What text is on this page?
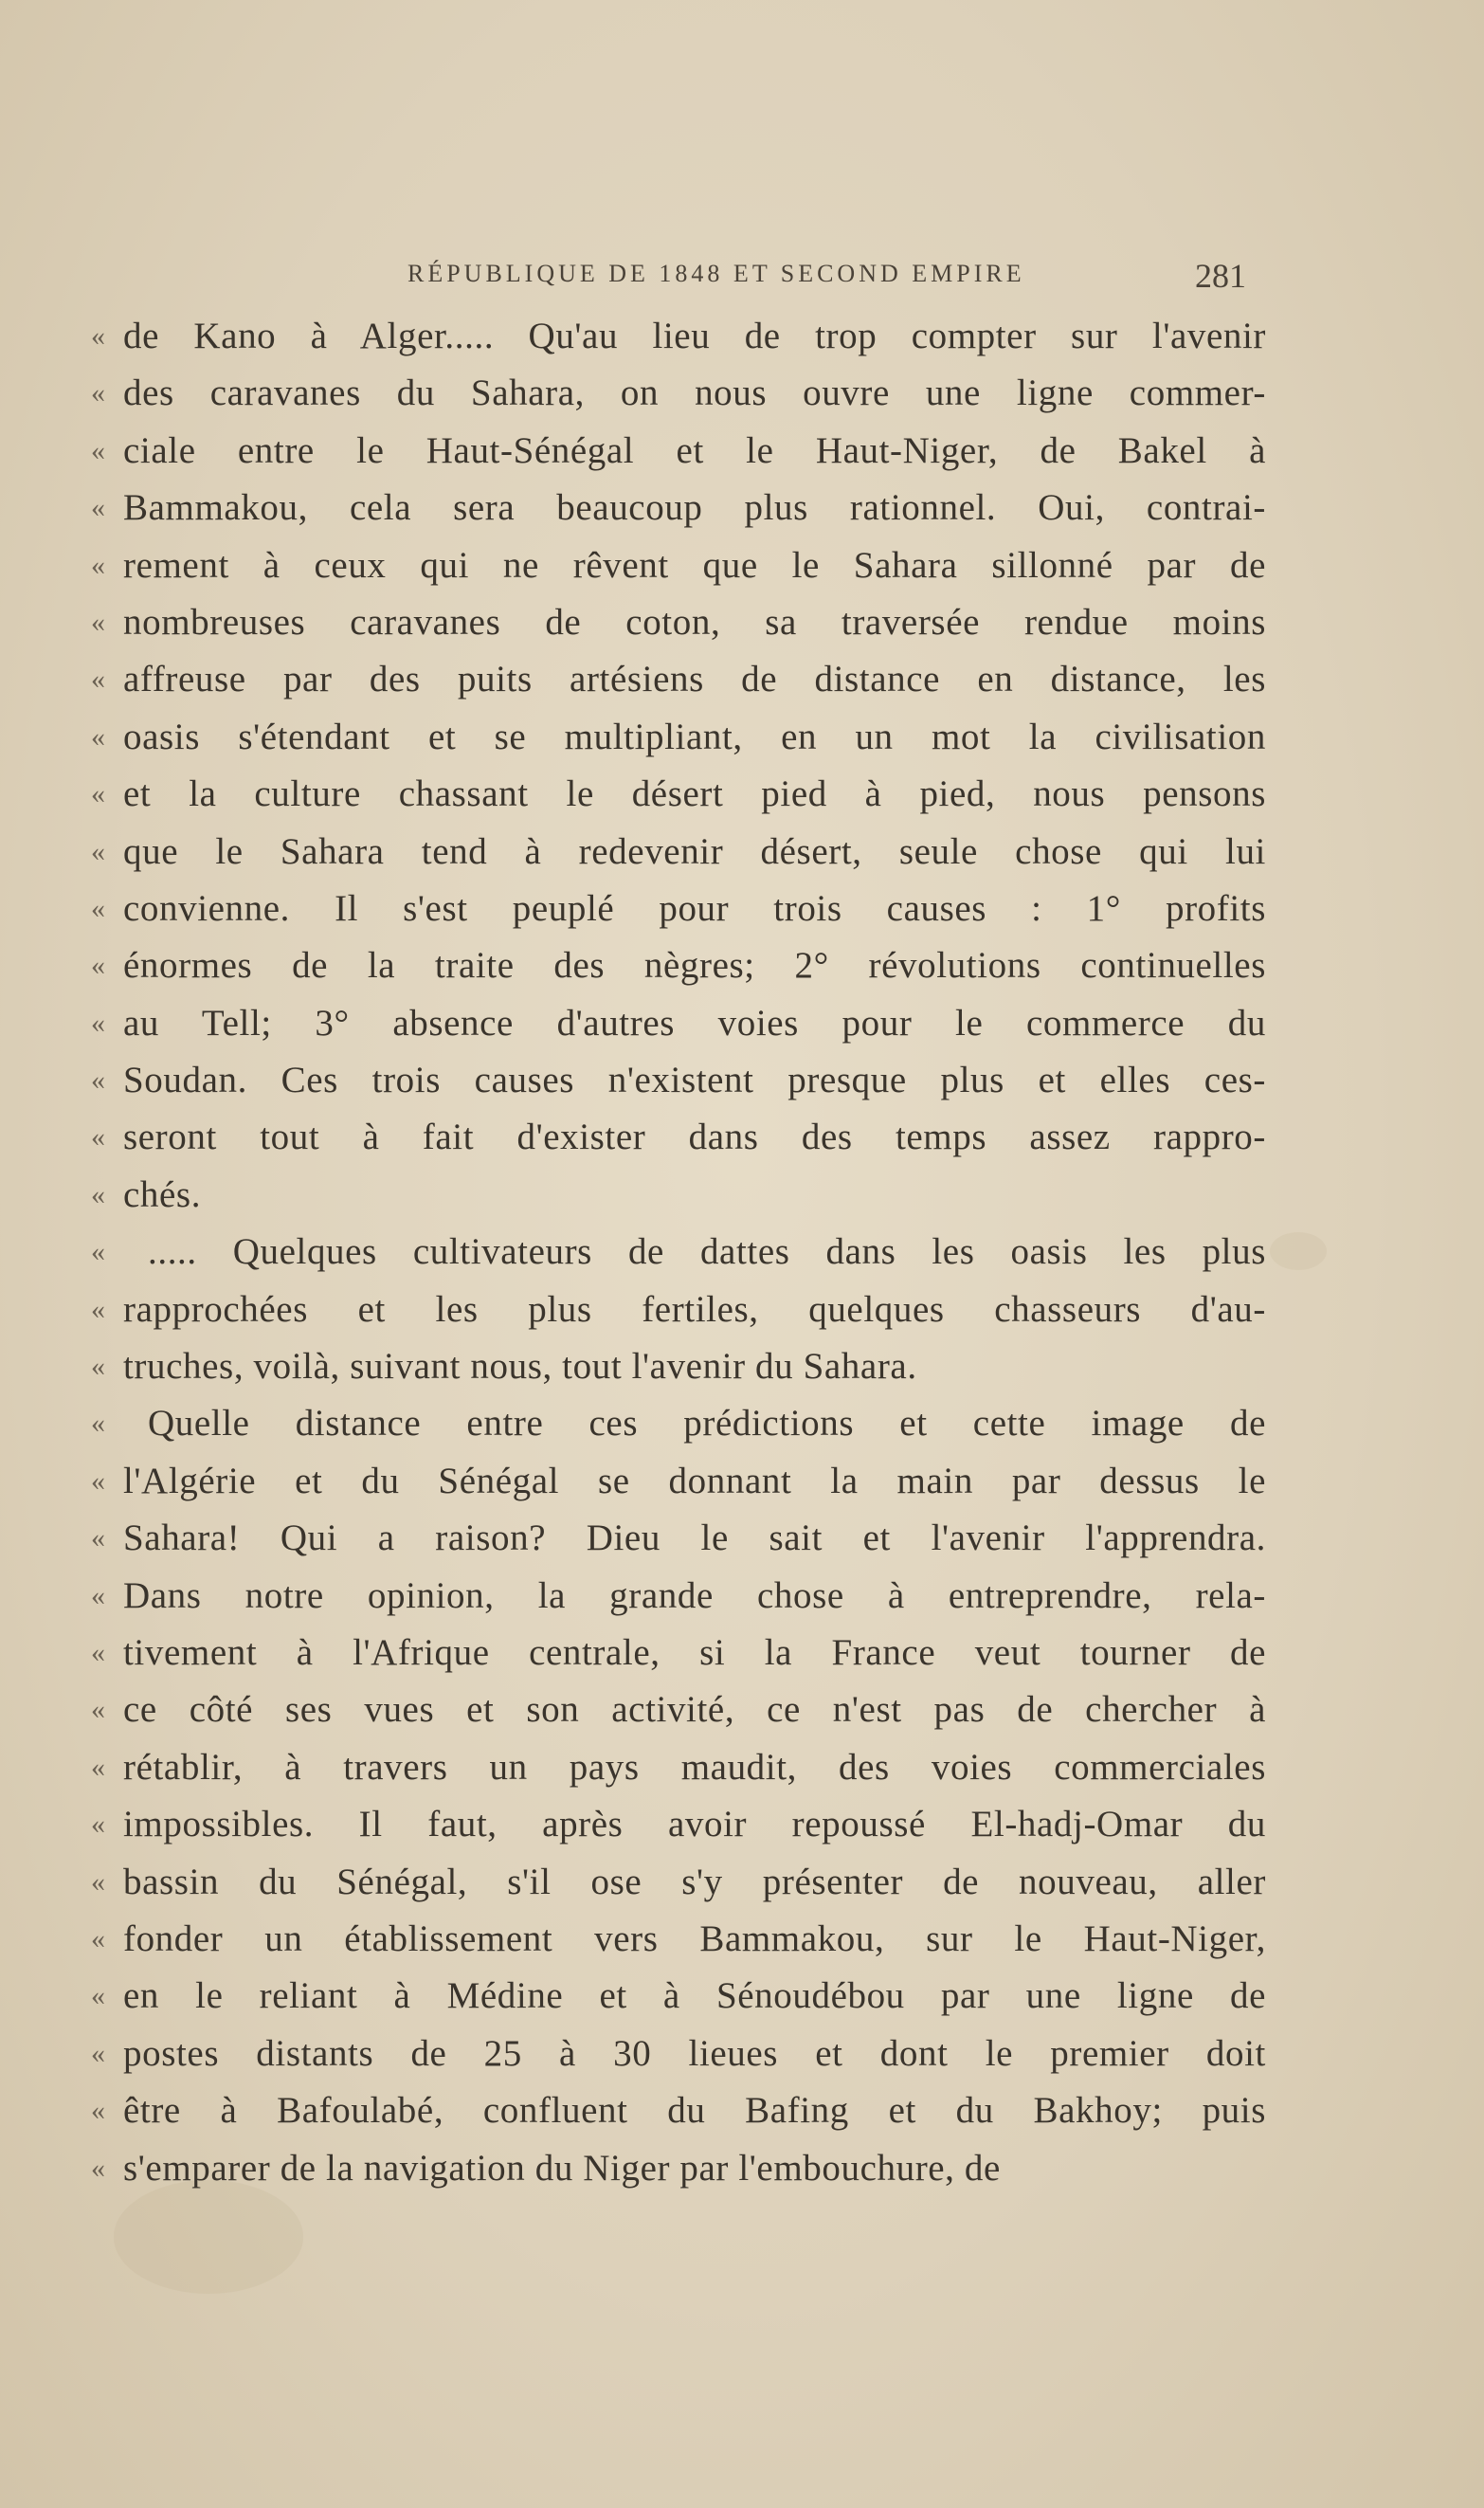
RÉPUBLIQUE DE 1848 ET SECOND EMPIRE	281
« de Kano à Alger..... Qu'au lieu de trop compter sur l'avenir
« des caravanes du Sahara, on nous ouvre une ligne commer-
« ciale entre le Haut-Sénégal et le Haut-Niger, de Bakel à
« Bammakou, cela sera beaucoup plus rationnel. Oui, contrai-
« rement à ceux qui ne rêvent que le Sahara sillonné par de
« nombreuses caravanes de coton, sa traversée rendue moins
« affreuse par des puits artésiens de distance en distance, les
« oasis s'étendant et se multipliant, en un mot la civilisation
« et la culture chassant le désert pied à pied, nous pensons
« que le Sahara tend à redevenir désert, seule chose qui lui
« convienne. Il s'est peuplé pour trois causes : 1° profits
« énormes de la traite des nègres; 2° révolutions continuelles
« au Tell; 3° absence d'autres voies pour le commerce du
« Soudan. Ces trois causes n'existent presque plus et elles ces-
« seront tout à fait d'exister dans des temps assez rappro-
« chés.
«	..... Quelques cultivateurs de dattes dans les oasis les plus
« rapprochées et les plus fertiles, quelques chasseurs d'au-
« truches, voilà, suivant nous, tout l'avenir du Sahara.
«	Quelle distance entre ces prédictions et cette image de
« l'Algérie et du Sénégal se donnant la main par dessus le
« Sahara! Qui a raison? Dieu le sait et l'avenir l'apprendra.
« Dans notre opinion, la grande chose à entreprendre, rela-
« tivement à l'Afrique centrale, si la France veut tourner de
« ce côté ses vues et son activité, ce n'est pas de chercher à
« rétablir, à travers un pays maudit, des voies commerciales
« impossibles. Il faut, après avoir repoussé El-hadj-Omar du
« bassin du Sénégal, s'il ose s'y présenter de nouveau, aller
« fonder un établissement vers Bammakou, sur le Haut-Niger,
« en le reliant à Médine et à Sénoudébou par une ligne de
« postes distants de 25 à 30 lieues et dont le premier doit
« être à Bafoulabé, confluent du Bafing et du Bakhoy; puis
« s'emparer de la navigation du Niger par l'embouchure, de
